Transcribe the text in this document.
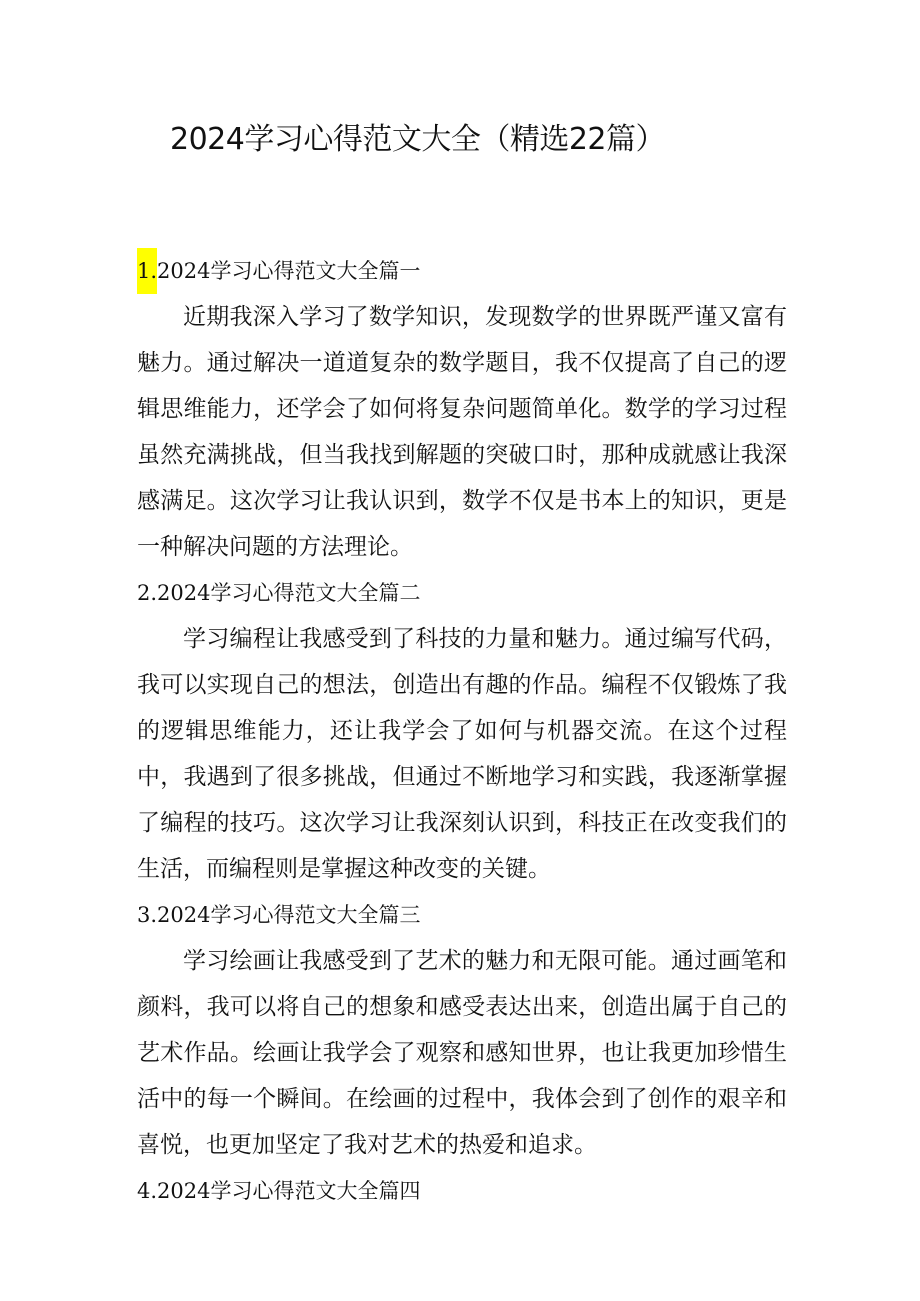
2024学习心得范文大全（精选22篇）
1.2024学习心得范文大全篇一

近期我深入学习了数学知识，发现数学的世界既严谨又富有魅力。通过解决一道道复杂的数学题目，我不仅提高了自己的逻辑思维能力，还学会了如何将复杂问题简单化。数学的学习过程虽然充满挑战，但当我找到解题的突破口时，那种成就感让我深感满足。这次学习让我认识到，数学不仅是书本上的知识，更是一种解决问题的方法理论。

2.2024学习心得范文大全篇二

学习编程让我感受到了科技的力量和魅力。通过编写代码，我可以实现自己的想法，创造出有趣的作品。编程不仅锻炼了我的逻辑思维能力，还让我学会了如何与机器交流。在这个过程中，我遇到了很多挑战，但通过不断地学习和实践，我逐渐掌握了编程的技巧。这次学习让我深刻认识到，科技正在改变我们的生活，而编程则是掌握这种改变的关键。

3.2024学习心得范文大全篇三

学习绘画让我感受到了艺术的魅力和无限可能。通过画笔和颜料，我可以将自己的想象和感受表达出来，创造出属于自己的艺术作品。绘画让我学会了观察和感知世界，也让我更加珍惜生活中的每一个瞬间。在绘画的过程中，我体会到了创作的艰辛和喜悦，也更加坚定了我对艺术的热爱和追求。

4.2024学习心得范文大全篇四
